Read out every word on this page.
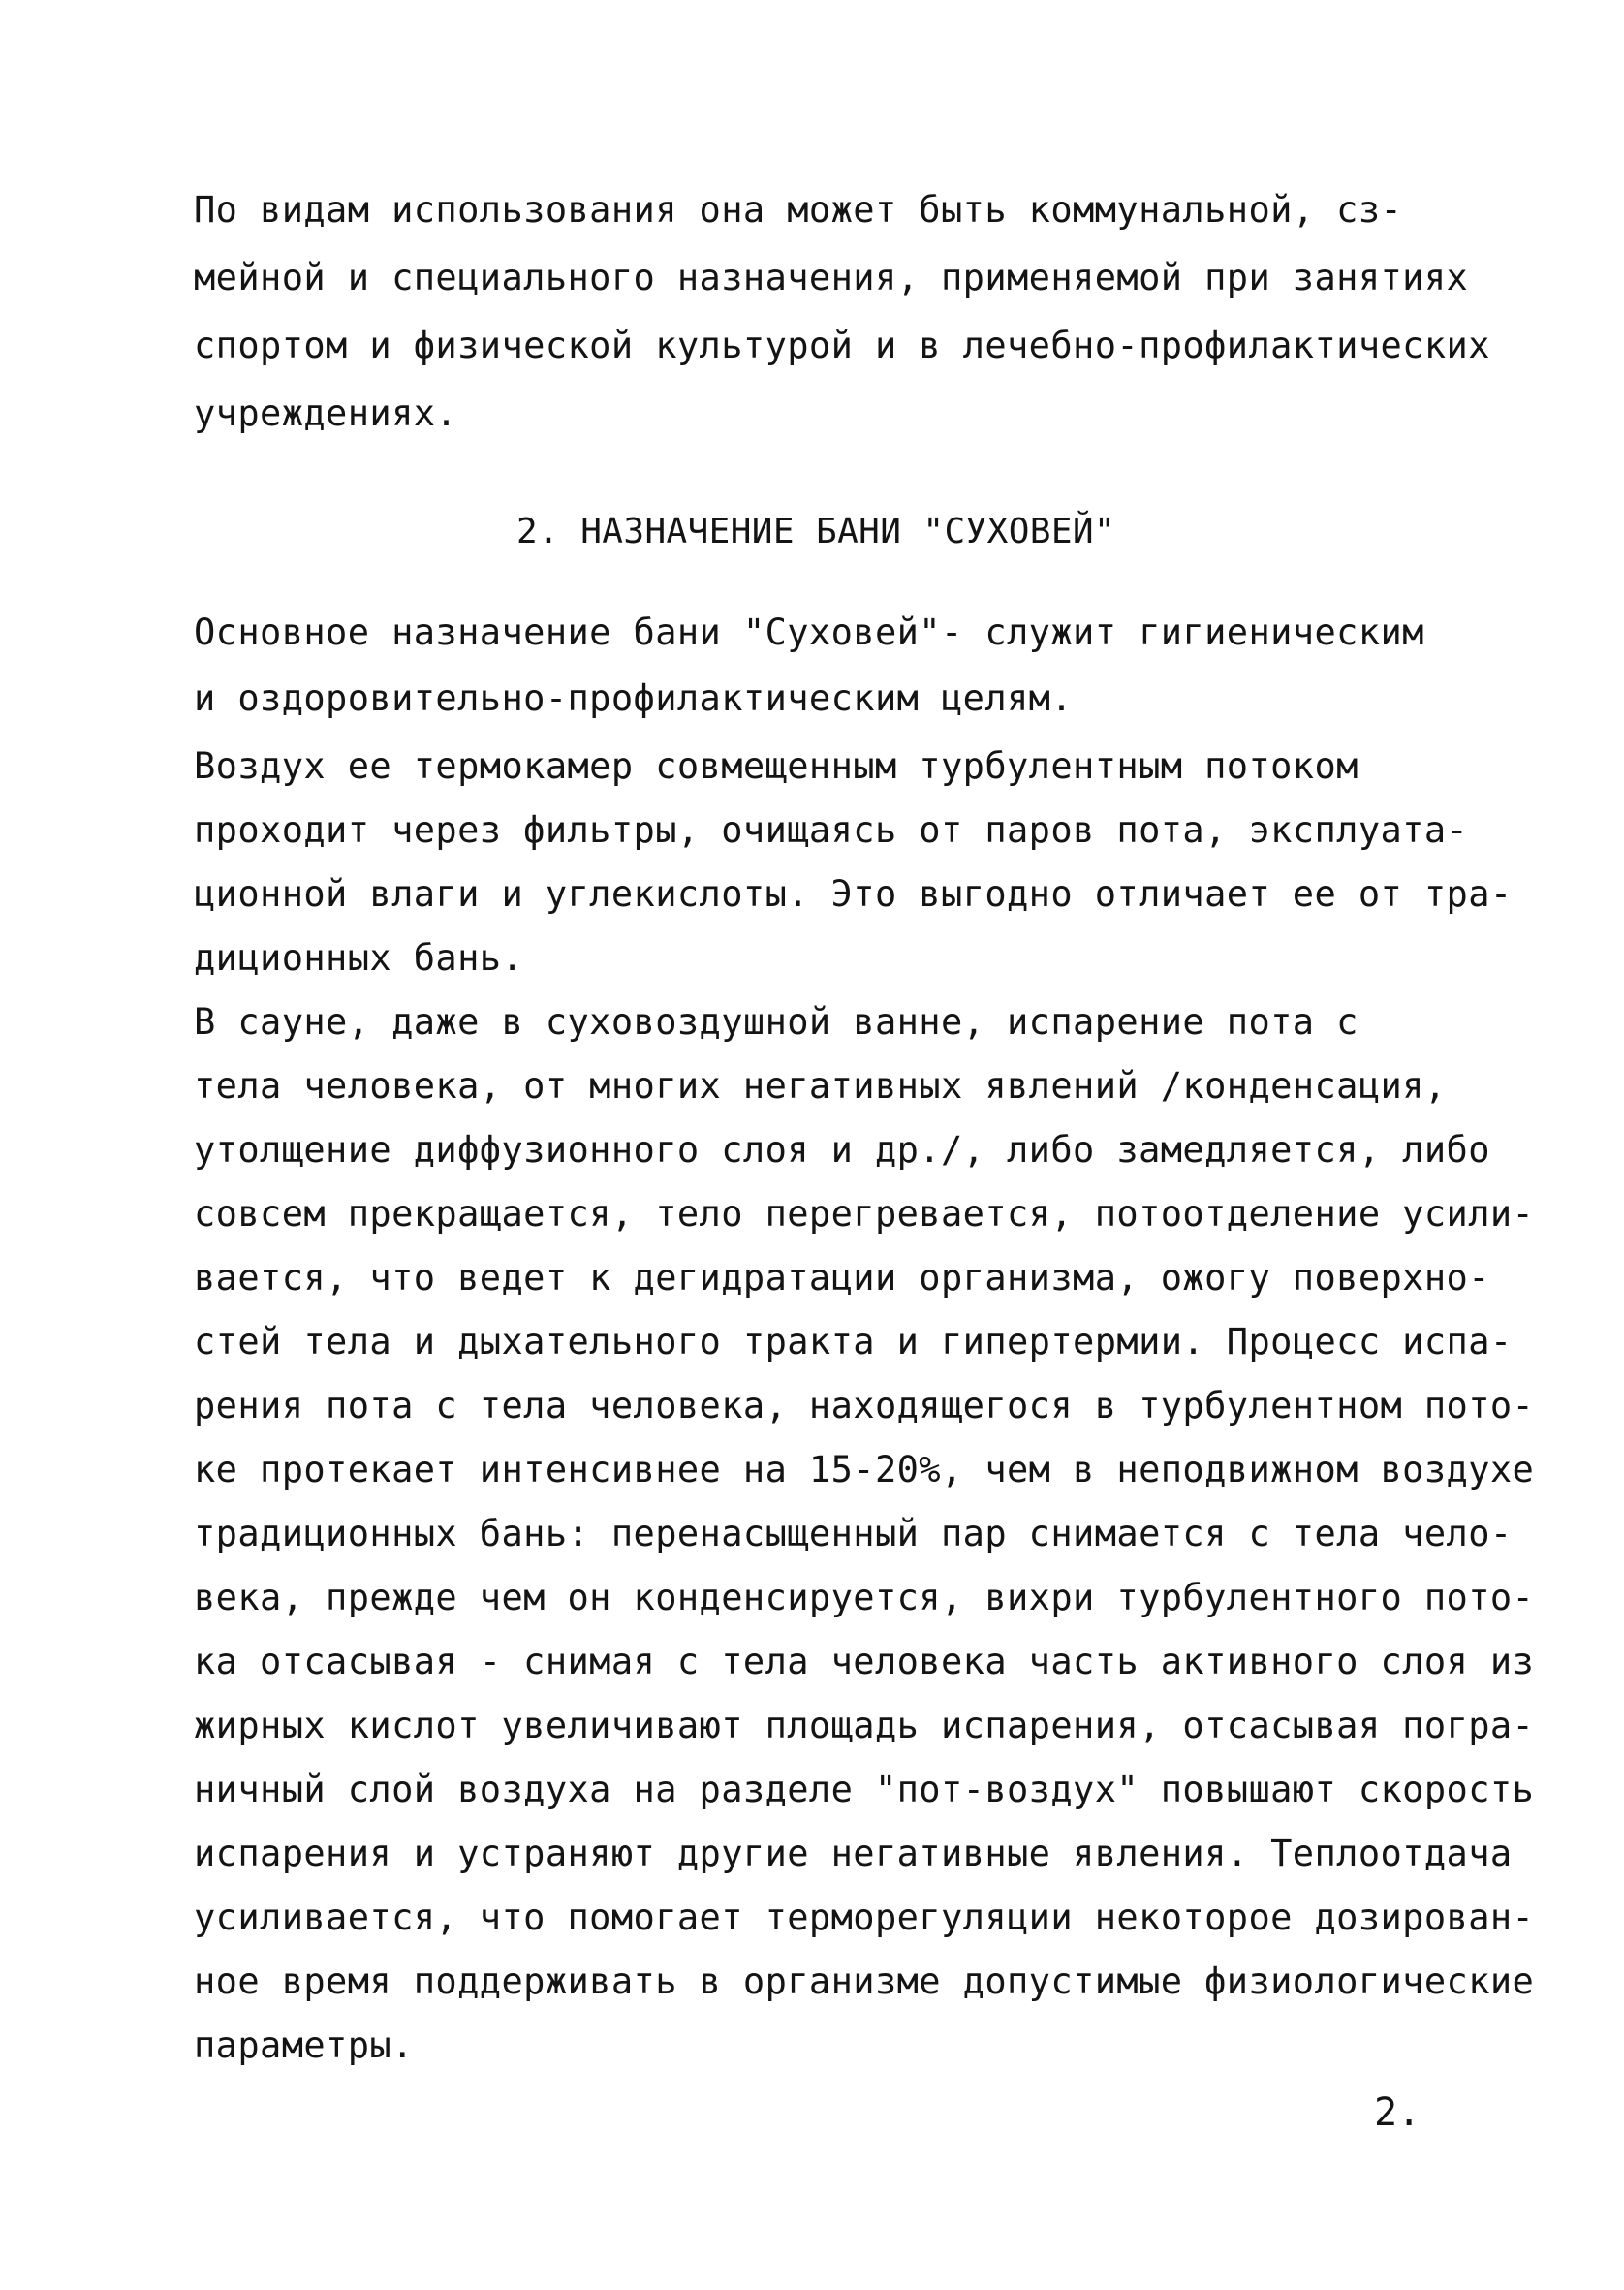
По видам использования она может быть коммунальной, сз-
мейной и специального назначения, применяемой при занятиях
спортом и физической культурой и в лечебно-профилактических
учреждениях.
2. НАЗНАЧЕНИЕ БАНИ "СУХОВЕЙ"
Основное назначение бани "Суховей"- служит гигиеническим
и оздоровительно-профилактическим целям.
Воздух ее термокамер совмещенным турбулентным потоком
проходит через фильтры, очищаясь от паров пота, эксплуата-
ционной влаги и углекислоты. Это выгодно отличает ее от тра-
диционных бань.
В сауне, даже в суховоздушной ванне, испарение пота с
тела человека, от многих негативных явлений /конденсация,
утолщение диффузионного слоя и др./, либо замедляется, либо
совсем прекращается, тело перегревается, потоотделение усили-
вается, что ведет к дегидратации организма, ожогу поверхно-
стей тела и дыхательного тракта и гипертермии. Процесс испа-
рения пота с тела человека, находящегося в турбулентном пото-
ке протекает интенсивнее на 15-20%, чем в неподвижном воздухе
традиционных бань: перенасыщенный пар снимается с тела чело-
века, прежде чем он конденсируется, вихри турбулентного пото-
ка отсасывая - снимая с тела человека часть активного слоя из
жирных кислот увеличивают площадь испарения, отсасывая погра-
ничный слой воздуха на разделе "пот-воздух" повышают скорость
испарения и устраняют другие негативные явления. Теплоотдача
усиливается, что помогает терморегуляции некоторое дозирован-
ное время поддерживать в организме допустимые физиологические
параметры.
2.
